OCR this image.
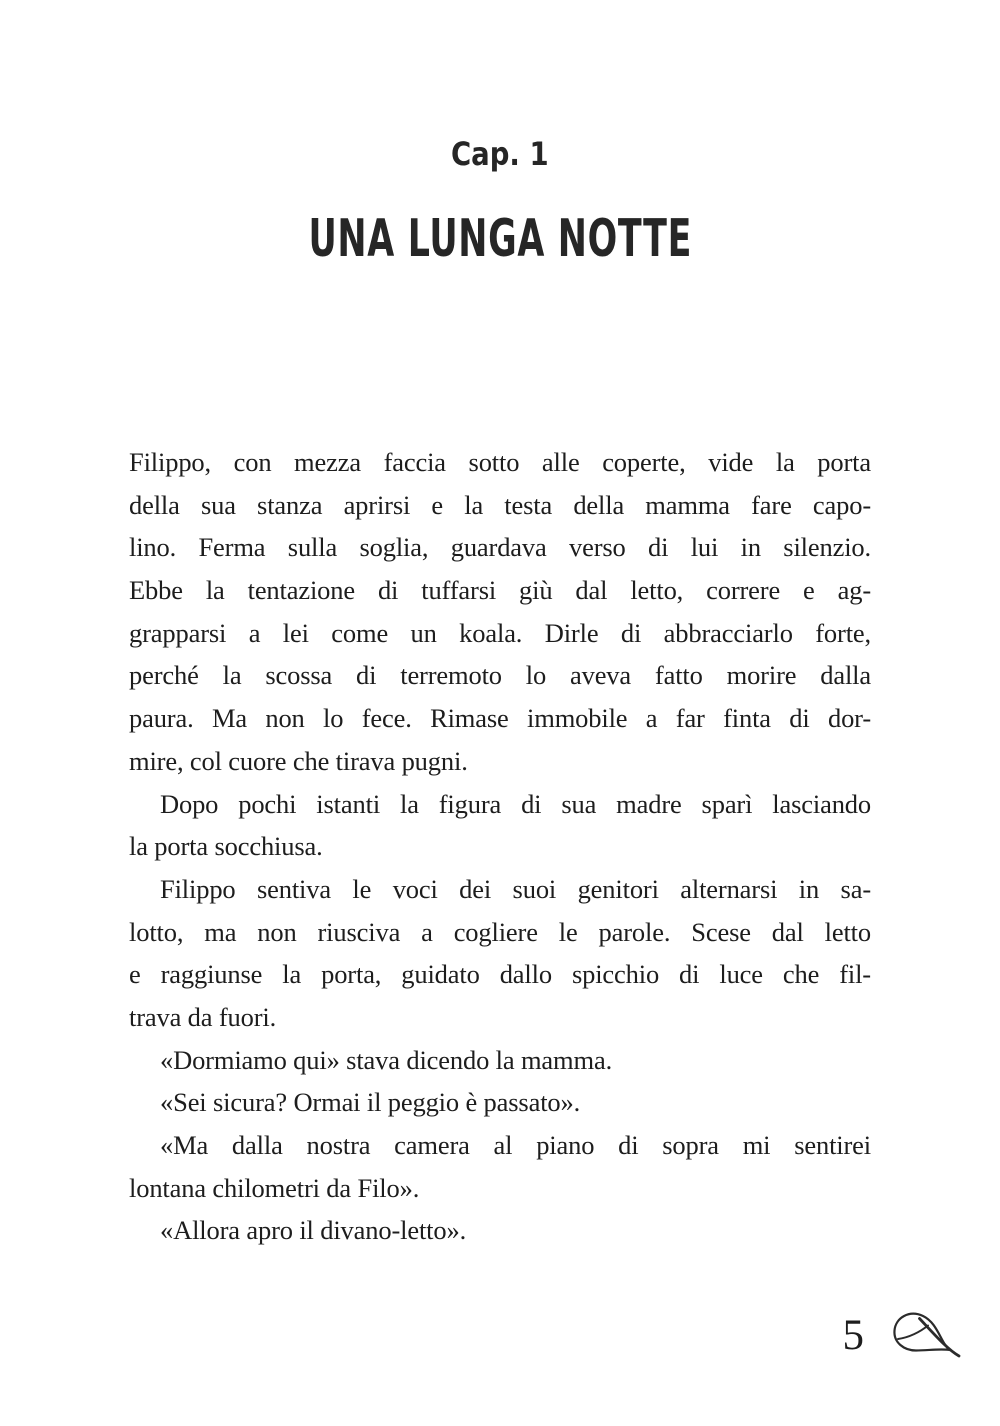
Cap. 1
UNA LUNGA NOTTE
Filippo, con mezza faccia sotto alle coperte, vide la porta
della sua stanza aprirsi e la testa della mamma fare capo-
lino. Ferma sulla soglia, guardava verso di lui in silenzio.
Ebbe la tentazione di tuffarsi giù dal letto, correre e ag-
grapparsi a lei come un koala. Dirle di abbracciarlo forte,
perché la scossa di terremoto lo aveva fatto morire dalla
paura. Ma non lo fece. Rimase immobile a far finta di dor-
mire, col cuore che tirava pugni.
Dopo pochi istanti la figura di sua madre sparì lasciando
la porta socchiusa.
Filippo sentiva le voci dei suoi genitori alternarsi in sa-
lotto, ma non riusciva a cogliere le parole. Scese dal letto
e raggiunse la porta, guidato dallo spicchio di luce che fil-
trava da fuori.
«Dormiamo qui» stava dicendo la mamma.
«Sei sicura? Ormai il peggio è passato».
«Ma dalla nostra camera al piano di sopra mi sentirei
lontana chilometri da Filo».
«Allora apro il divano-letto».
5
